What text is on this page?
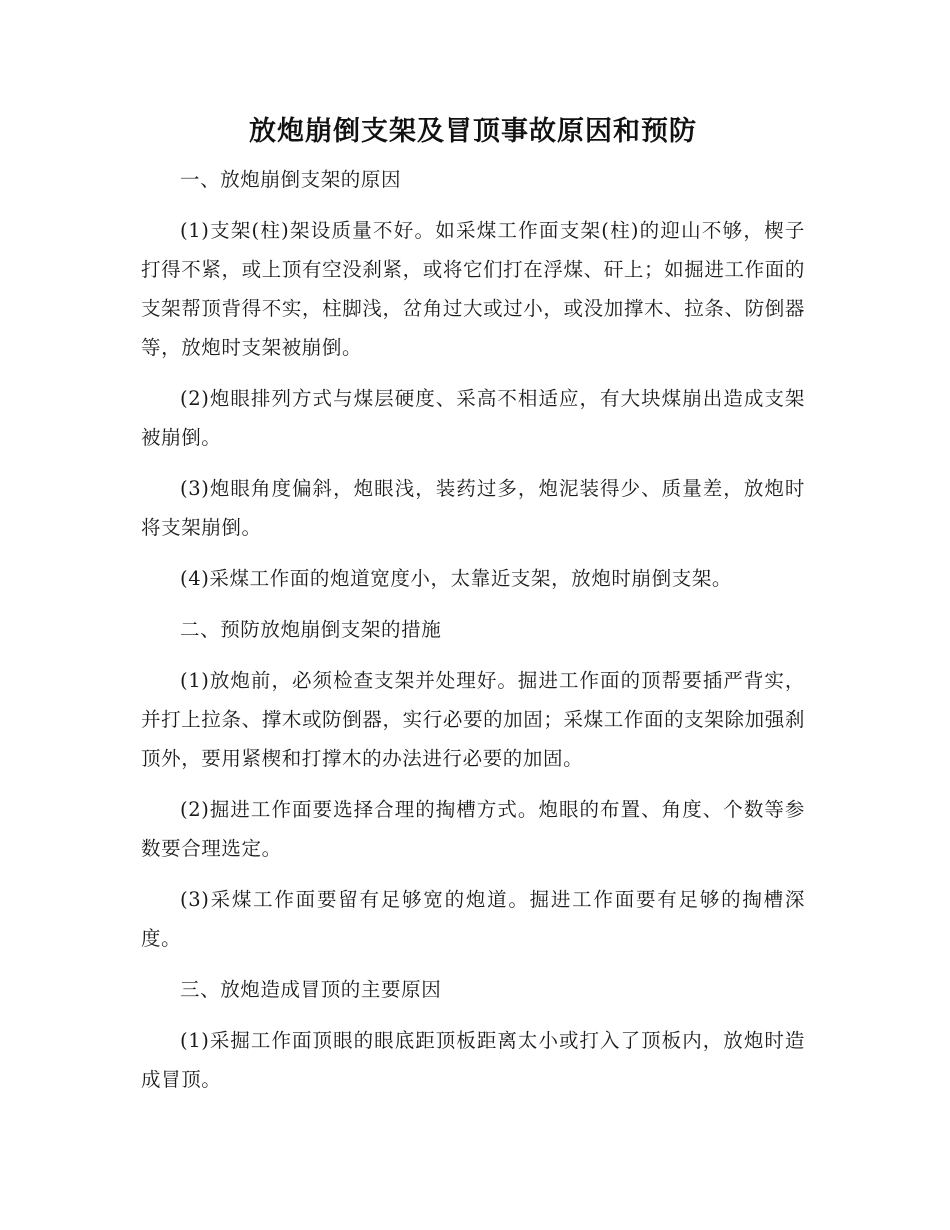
放炮崩倒支架及冒顶事故原因和预防

一、放炮崩倒支架的原因

(1)支架(柱)架设质量不好。如采煤工作面支架(柱)的迎山不够，楔子打得不紧，或上顶有空没刹紧，或将它们打在浮煤、矸上；如掘进工作面的支架帮顶背得不实，柱脚浅，岔角过大或过小，或没加撑木、拉条、防倒器等，放炮时支架被崩倒。

(2)炮眼排列方式与煤层硬度、采高不相适应，有大块煤崩出造成支架被崩倒。

(3)炮眼角度偏斜，炮眼浅，装药过多，炮泥装得少、质量差，放炮时将支架崩倒。

(4)采煤工作面的炮道宽度小，太靠近支架，放炮时崩倒支架。

二、预防放炮崩倒支架的措施

(1)放炮前，必须检查支架并处理好。掘进工作面的顶帮要插严背实，并打上拉条、撑木或防倒器，实行必要的加固；采煤工作面的支架除加强刹顶外，要用紧楔和打撑木的办法进行必要的加固。

(2)掘进工作面要选择合理的掏槽方式。炮眼的布置、角度、个数等参数要合理选定。

(3)采煤工作面要留有足够宽的炮道。掘进工作面要有足够的掏槽深度。

三、放炮造成冒顶的主要原因

(1)采掘工作面顶眼的眼底距顶板距离太小或打入了顶板内，放炮时造成冒顶。
